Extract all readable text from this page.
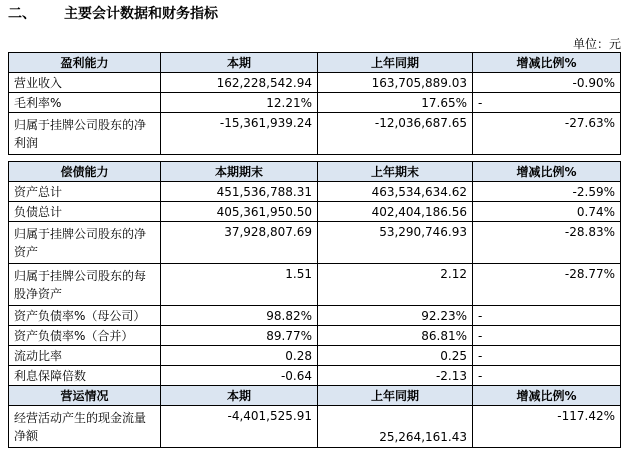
二、 主要会计数据和财务指标
单位：元
盈利能力	本期	上年同期	增减比例%
营业收入	162,228,542.94	163,705,889.03	-0.90%
毛利率%	12.21%	17.65%	-
归属于挂牌公司股东的净利润	-15,361,939.24	-12,036,687.65	-27.63%

偿债能力	本期期末	上年期末	增减比例%
资产总计	451,536,788.31	463,534,634.62	-2.59%
负债总计	405,361,950.50	402,404,186.56	0.74%
归属于挂牌公司股东的净资产	37,928,807.69	53,290,746.93	-28.83%
归属于挂牌公司股东的每股净资产	1.51	2.12	-28.77%
资产负债率%（母公司）	98.82%	92.23%	-
资产负债率%（合并）	89.77%	86.81%	-
流动比率	0.28	0.25	-
利息保障倍数	-0.64	-2.13	-
营运情况	本期	上年同期	增减比例%
经营活动产生的现金流量净额	-4,401,525.91	25,264,161.43	-117.42%
